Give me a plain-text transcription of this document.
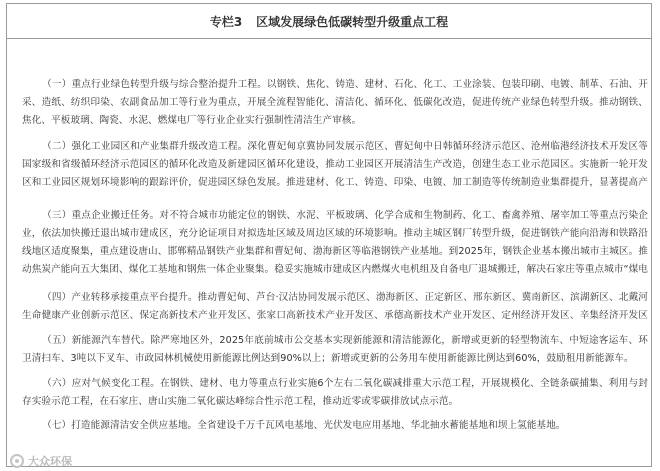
专栏3 区域发展绿色低碳转型升级重点工程
（一）重点行业绿色转型升级与综合整治提升工程。以钢铁、焦化、铸造、建材、石化、化工、工业涂装、包装印刷、电镀、制革、石油、开采、造纸、纺织印染、农副食品加工等行业为重点，开展全流程智能化、清洁化、循环化、低碳化改造，促进传统产业绿色转型升级。推动钢铁、焦化、平板玻璃、陶瓷、水泥、燃煤电厂等行业企业实行强制性清洁生产审核。
（二）强化工业园区和产业集群升级改造工程。深化曹妃甸京冀协同发展示范区、曹妃甸中日韩循环经济示范区、沧州临港经济技术开发区等国家级和省级循环经济示范园区的循环化改造及新建园区循环化建设，推动工业园区开展清洁生产改造，创建生态工业示范园区。实施新一轮开发区和工业园区规划环境影响的跟踪评价，促进园区绿色发展。推进建材、化工、铸造、印染、电镀、加工制造等传统制造业集群提升，显著提高产
（三）重点企业搬迁任务。对不符合城市功能定位的钢铁、水泥、平板玻璃、化学合成和生物制药、化工、畜禽养殖、屠宰加工等重点污染企业，依法加快搬迁退出城市建成区，充分论证项目对拟选址区域及周边区域的环境影响。推动主城区钢厂转型升级，促进钢铁产能向沿海和铁路沿线地区适度聚集，重点建设唐山、邯郸精品钢铁产业集群和曹妃甸、渤海新区等临港钢铁产业基地。到2025年，钢铁企业基本搬出城市主城区。推动焦炭产能向五大集团、煤化工基地和钢焦一体企业聚集。稳妥实施城市建成区内燃煤火电机组及自备电厂退城搬迁，解决石家庄等重点城市“煤电
（四）产业转移承接重点平台提升。推动曹妃甸、芦台·汉沽协同发展示范区、渤海新区、正定新区、邢东新区、冀南新区、滨湖新区、北戴河生命健康产业创新示范区、保定高新技术产业开发区、张家口高新技术产业开发区、承德高新技术产业开发区、定州经济开发区、辛集经济开发区
（五）新能源汽车替代。除严寒地区外，2025年底前城市公交基本实现新能源和清洁能源化，新增或更新的轻型物流车、中短途客运车、环卫清扫车、3吨以下叉车、市政园林机械使用新能源比例达到90%以上；新增或更新的公务用车使用新能源比例达到60%，鼓励租用新能源车。
（六）应对气候变化工程。在钢铁、建材、电力等重点行业实施6个左右二氧化碳减排重大示范工程，开展规模化、全链条碳捕集、利用与封存实验示范工程，在石家庄、唐山实施二氧化碳达峰综合性示范工程，推动近零或零碳排放试点示范。
（七）打造能源清洁安全供应基地。全省建设千万千瓦风电基地、光伏发电应用基地、华北抽水蓄能基地和坝上氢能基地。
大众环保
